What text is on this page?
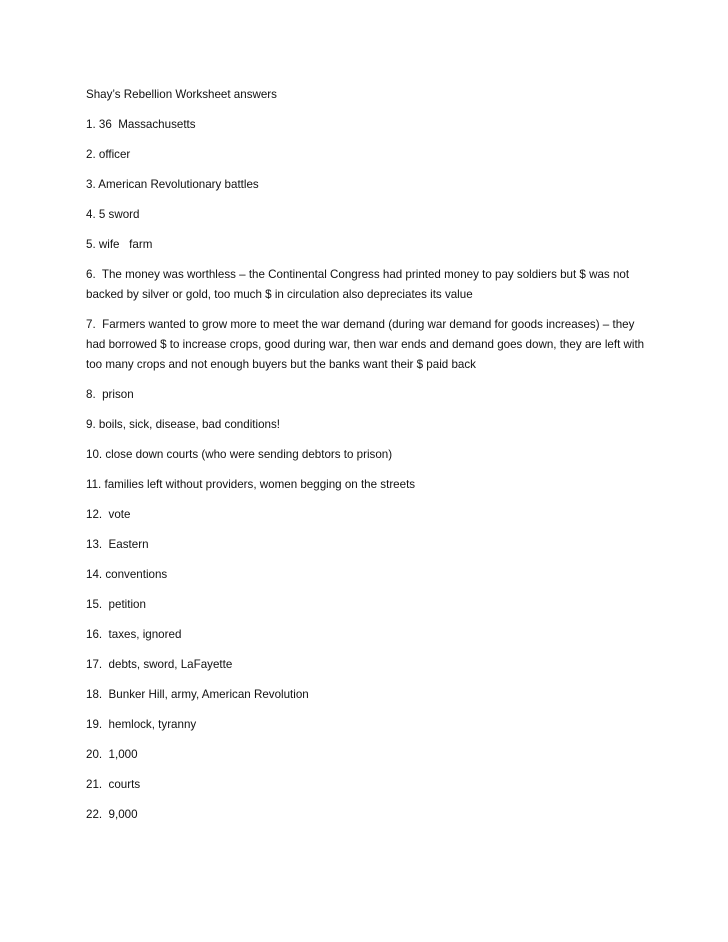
Shay’s Rebellion Worksheet answers

1. 36  Massachusetts

2. officer

3. American Revolutionary battles

4. 5 sword

5. wife   farm

6.  The money was worthless – the Continental Congress had printed money to pay soldiers but $ was not backed by silver or gold, too much $ in circulation also depreciates its value

7.  Farmers wanted to grow more to meet the war demand (during war demand for goods increases) – they had borrowed $ to increase crops, good during war, then war ends and demand goes down, they are left with too many crops and not enough buyers but the banks want their $ paid back

8.  prison

9. boils, sick, disease, bad conditions!

10. close down courts (who were sending debtors to prison)

11. families left without providers, women begging on the streets

12.  vote

13.  Eastern

14. conventions

15.  petition

16.  taxes, ignored

17.  debts, sword, LaFayette

18.  Bunker Hill, army, American Revolution

19.  hemlock, tyranny

20.  1,000

21.  courts

22.  9,000
